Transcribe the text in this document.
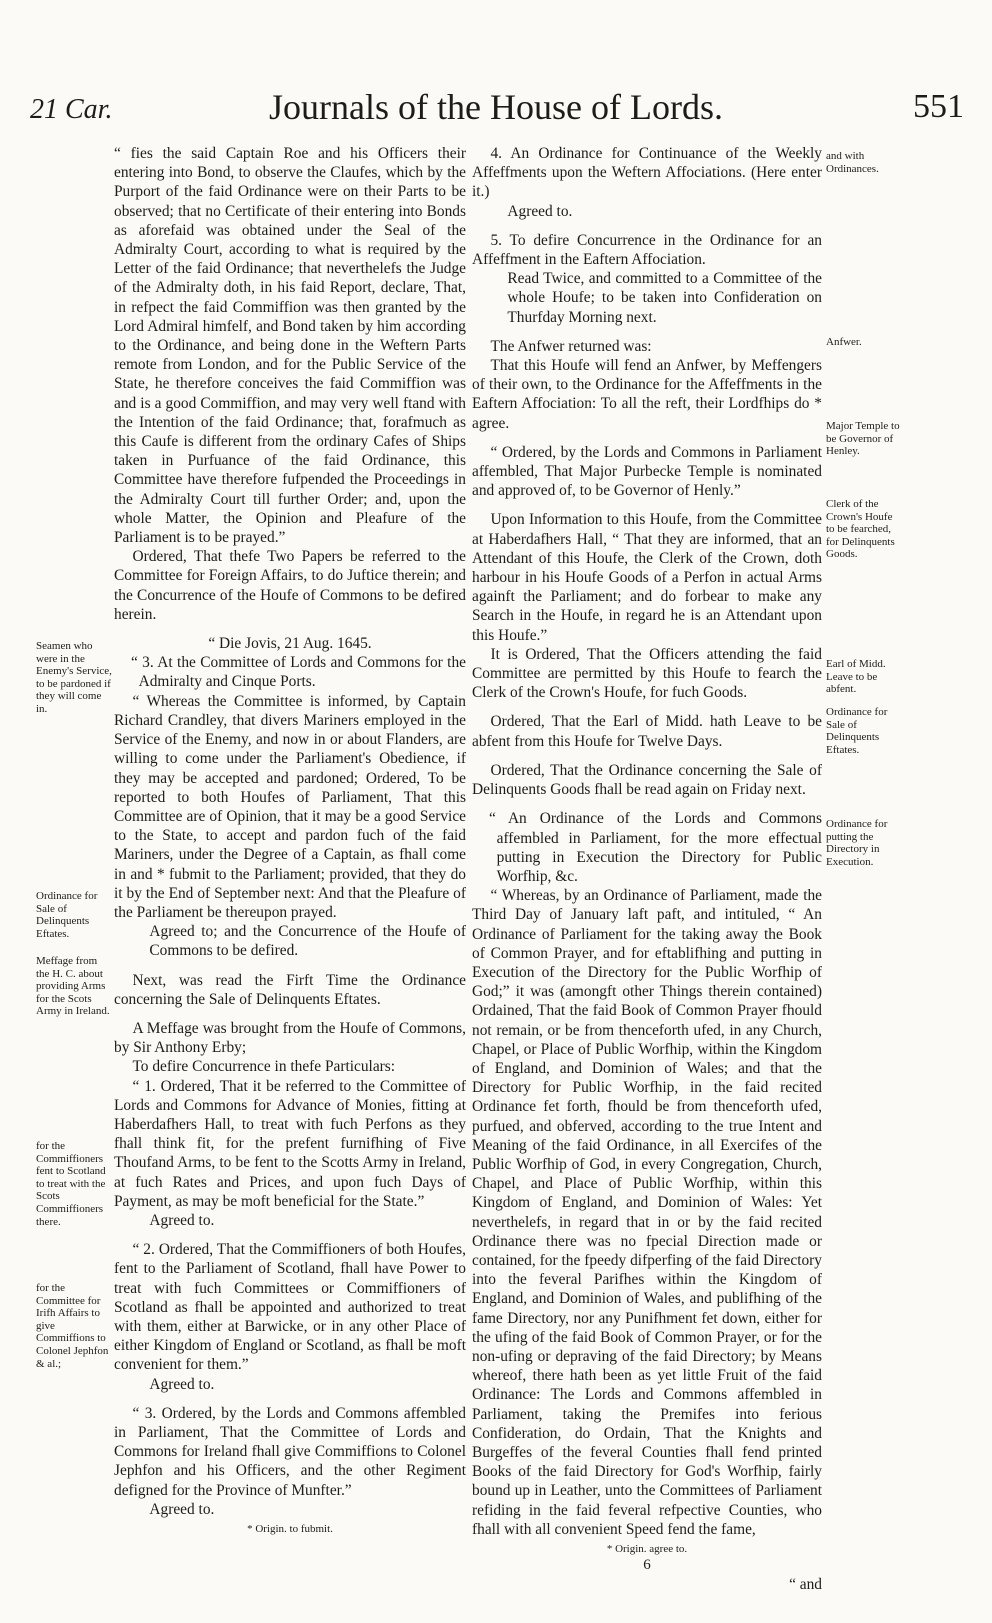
21 Car.	Journals of the House of Lords.	551

“ fies the said Captain Roe and his Officers their entering into Bond, to observe the Claufes, which by the Purport of the faid Ordinance were on their Parts to be observed; that no Certificate of their entering into Bonds as aforefaid was obtained under the Seal of the Admiralty Court, according to what is required by the Letter of the faid Ordinance; that neverthelefs the Judge of the Admiralty doth, in his faid Report, declare, That, in refpect the faid Commiffion was then granted by the Lord Admiral himfelf, and Bond taken by him according to the Ordinance, and being done in the Weftern Parts remote from London, and for the Public Service of the State, he therefore conceives the faid Commiffion was and is a good Commiffion, and may very well ftand with the Intention of the faid Ordinance; that, forafmuch as this Caufe is different from the ordinary Cafes of Ships taken in Purfuance of the faid Ordinance, this Committee have therefore fufpended the Proceedings in the Admiralty Court till further Order; and, upon the whole Matter, the Opinion and Pleafure of the Parliament is to be prayed.”

Ordered, That thefe Two Papers be referred to the Committee for Foreign Affairs, to do Juftice therein; and the Concurrence of the Houfe of Commons to be defired herein.

“ Die Jovis, 21 Aug. 1645.

“ 3. At the Committee of Lords and Commons for the Admiralty and Cinque Ports.

“ Whereas the Committee is informed, by Captain Richard Crandley, that divers Mariners employed in the Service of the Enemy, and now in or about Flanders, are willing to come under the Parliament's Obedience, if they may be accepted and pardoned; Ordered, To be reported to both Houfes of Parliament, That this Committee are of Opinion, that it may be a good Service to the State, to accept and pardon fuch of the faid Mariners, under the Degree of a Captain, as fhall come in and * fubmit to the Parliament; provided, that they do it by the End of September next: And that the Pleafure of the Parliament be thereupon prayed.

Agreed to; and the Concurrence of the Houfe of Commons to be defired.

Next, was read the Firft Time the Ordinance concerning the Sale of Delinquents Eftates.

A Meffage was brought from the Houfe of Commons, by Sir Anthony Erby;

To defire Concurrence in thefe Particulars:

“ 1. Ordered, That it be referred to the Committee of Lords and Commons for Advance of Monies, fitting at Haberdafhers Hall, to treat with fuch Perfons as they fhall think fit, for the prefent furnifhing of Five Thoufand Arms, to be fent to the Scotts Army in Ireland, at fuch Rates and Prices, and upon fuch Days of Payment, as may be moft beneficial for the State.”

Agreed to.

“ 2. Ordered, That the Commiffioners of both Houfes, fent to the Parliament of Scotland, fhall have Power to treat with fuch Committees or Commiffioners of Scotland as fhall be appointed and authorized to treat with them, either at Barwicke, or in any other Place of either Kingdom of England or Scotland, as fhall be moft convenient for them.”

Agreed to.

“ 3. Ordered, by the Lords and Commons affembled in Parliament, That the Committee of Lords and Commons for Ireland fhall give Commiffions to Colonel Jephfon and his Officers, and the other Regiment defigned for the Province of Munfter.”

Agreed to.

* Origin. to fubmit.

4. An Ordinance for Continuance of the Weekly Affeffments upon the Weftern Affociations. (Here enter it.)

Agreed to.

5. To defire Concurrence in the Ordinance for an Affeffment in the Eaftern Affociation.

Read Twice, and committed to a Committee of the whole Houfe; to be taken into Confideration on Thurfday Morning next.

The Anfwer returned was:

That this Houfe will fend an Anfwer, by Meffengers of their own, to the Ordinance for the Affeffments in the Eaftern Affociation: To all the reft, their Lordfhips do * agree.

“ Ordered, by the Lords and Commons in Parliament affembled, That Major Purbecke Temple is nominated and approved of, to be Governor of Henly.”

Upon Information to this Houfe, from the Committee at Haberdafhers Hall, “ That they are informed, that an Attendant of this Houfe, the Clerk of the Crown, doth harbour in his Houfe Goods of a Perfon in actual Arms againft the Parliament; and do forbear to make any Search in the Houfe, in regard he is an Attendant upon this Houfe.”

It is Ordered, That the Officers attending the faid Committee are permitted by this Houfe to fearch the Clerk of the Crown's Houfe, for fuch Goods.

Ordered, That the Earl of Midd. hath Leave to be abfent from this Houfe for Twelve Days.

Ordered, That the Ordinance concerning the Sale of Delinquents Goods fhall be read again on Friday next.

“ An Ordinance of the Lords and Commons affembled in Parliament, for the more effectual putting in Execution the Directory for Public Worfhip, &c.

“ Whereas, by an Ordinance of Parliament, made the Third Day of January laft paft, and intituled, “ An Ordinance of Parliament for the taking away the Book of Common Prayer, and for eftablifhing and putting in Execution of the Directory for the Public Worfhip of God;” it was (amongft other Things therein contained) Ordained, That the faid Book of Common Prayer fhould not remain, or be from thenceforth ufed, in any Church, Chapel, or Place of Public Worfhip, within the Kingdom of England, and Dominion of Wales; and that the Directory for Public Worfhip, in the faid recited Ordinance fet forth, fhould be from thenceforth ufed, purfued, and obferved, according to the true Intent and Meaning of the faid Ordinance, in all Exercifes of the Public Worfhip of God, in every Congregation, Church, Chapel, and Place of Public Worfhip, within this Kingdom of England, and Dominion of Wales: Yet neverthelefs, in regard that in or by the faid recited Ordinance there was no fpecial Direction made or contained, for the fpeedy difperfing of the faid Directory into the feveral Parifhes within the Kingdom of England, and Dominion of Wales, and publifhing of the fame Directory, nor any Punifhment fet down, either for the ufing of the faid Book of Common Prayer, or for the non-ufing or depraving of the faid Directory; by Means whereof, there hath been as yet little Fruit of the faid Ordinance: The Lords and Commons affembled in Parliament, taking the Premifes into ferious Confideration, do Ordain, That the Knights and Burgeffes of the feveral Counties fhall fend printed Books of the faid Directory for God's Worfhip, fairly bound up in Leather, unto the Committees of Parliament refiding in the faid feveral refpective Counties, who fhall with all convenient Speed fend the fame,

* Origin. agree to.
6
“ and
Seamen who were in the Enemy's Service, to be pardoned if they will come in.
Ordinance for Sale of Delinquents Eftates.
Meffage from the H. C. about providing Arms for the Scots Army in Ireland.
for the Commiffioners fent to Scotland to treat with the Scots Commiffioners there.
for the Committee for Irifh Affairs to give Commiffions to Colonel Jephfon & al.;
and with Ordinances.
Anfwer.
Major Temple to be Governor of Henley.
Clerk of the Crown's Houfe to be fearched, for Delinquents Goods.
Earl of Midd. Leave to be abfent.
Ordinance for Sale of Delinquents Eftates.
Ordinance for putting the Directory in Execution.
